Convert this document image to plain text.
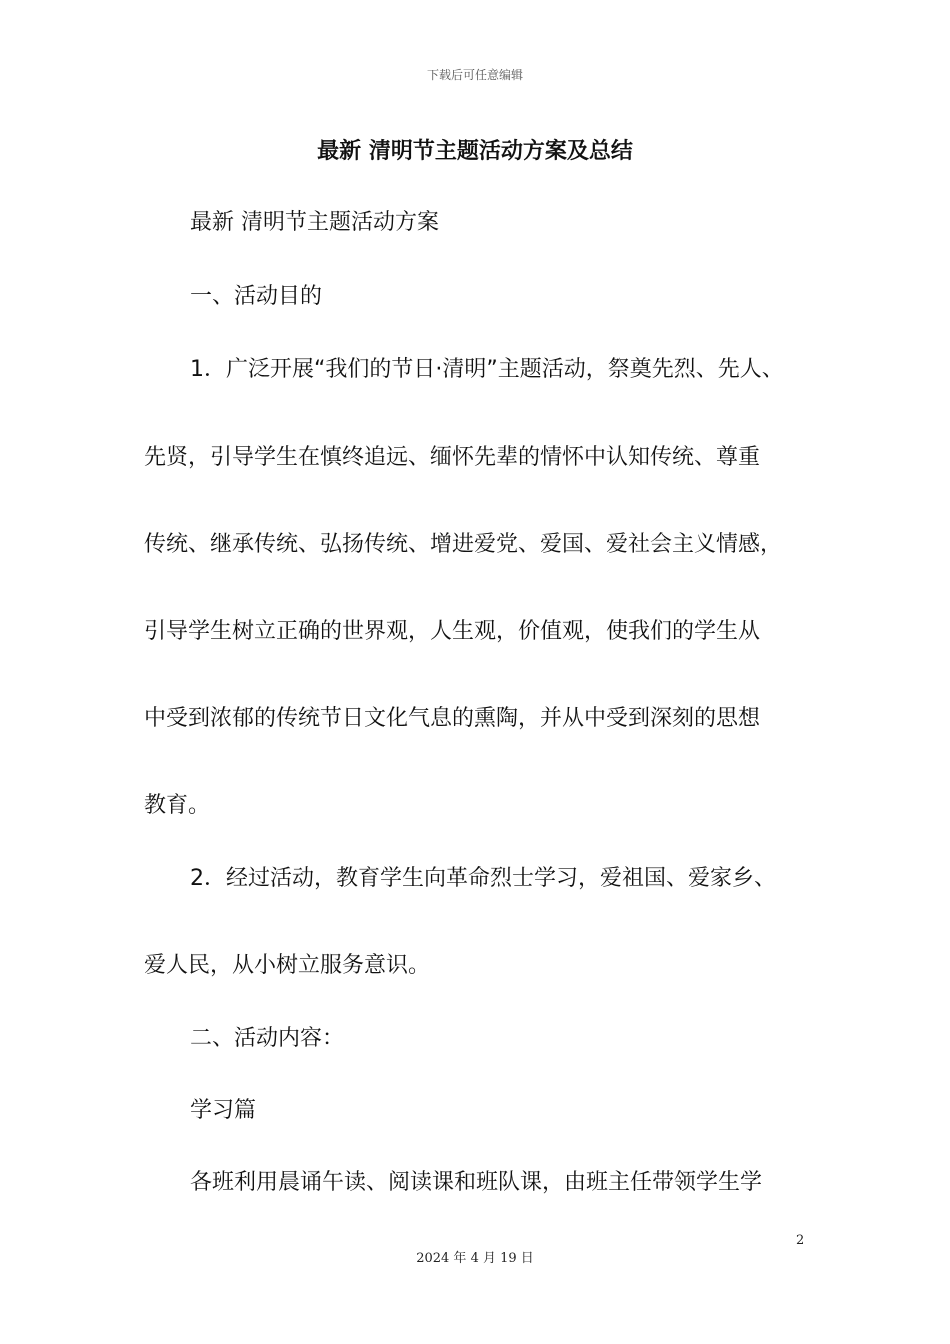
下载后可任意编辑
最新 清明节主题活动方案及总结
最新 清明节主题活动方案
一、活动目的
1．广泛开展“我们的节日·清明”主题活动，祭奠先烈、先人、
先贤，引导学生在慎终追远、缅怀先辈的情怀中认知传统、尊重
传统、继承传统、弘扬传统、增进爱党、爱国、爱社会主义情感，
引导学生树立正确的世界观，人生观，价值观，使我们的学生从
中受到浓郁的传统节日文化气息的熏陶，并从中受到深刻的思想
教育。
2．经过活动，教育学生向革命烈士学习，爱祖国、爱家乡、
爱人民，从小树立服务意识。
二、活动内容：
学习篇
各班利用晨诵午读、阅读课和班队课，由班主任带领学生学
2
2024 年 4 月 19 日
